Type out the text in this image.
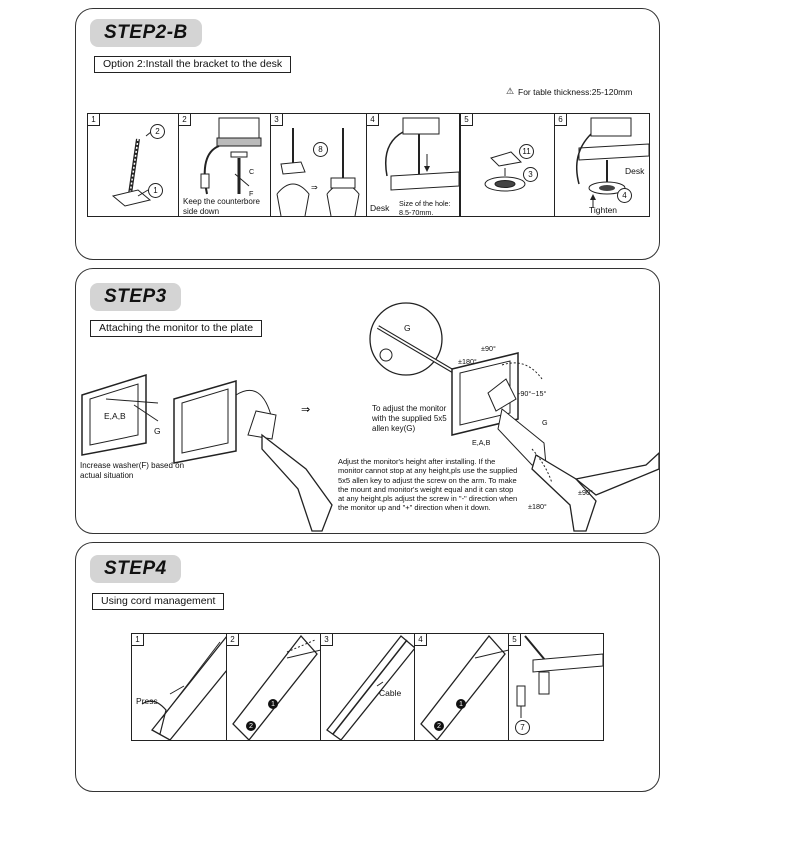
STEP2-B
Option 2:Install the bracket to the desk
⚠ For table thickness:25-120mm
1
2
1
2
C
F
Keep the counterbore side down
3
⇒
8
4
Desk Size of the hole: 8.5-70mm.
5
11
3
6
Desk
4
Tighten
STEP3
Attaching the monitor to the plate
⇒
E,A,B
G
Increase washer(F) based on actual situation
G
To adjust the monitor with the supplied 5x5 allen key(G)
±90°
±180°
-90°~15°
E,A,B
G
±90°
±180°
Adjust the monitor's height after installing. If the monitor cannot stop at any height,pls use the supplied 5x5 allen key to adjust the screw on the arm. To make the mount and monitor's weight equal and it can stop at any height,pls adjust the screw in "-" direction when the monitor up and "+" direction when it down.
STEP4
Using cord management
1
Press
2
1
2
3
Cable
4
1
2
5
7
